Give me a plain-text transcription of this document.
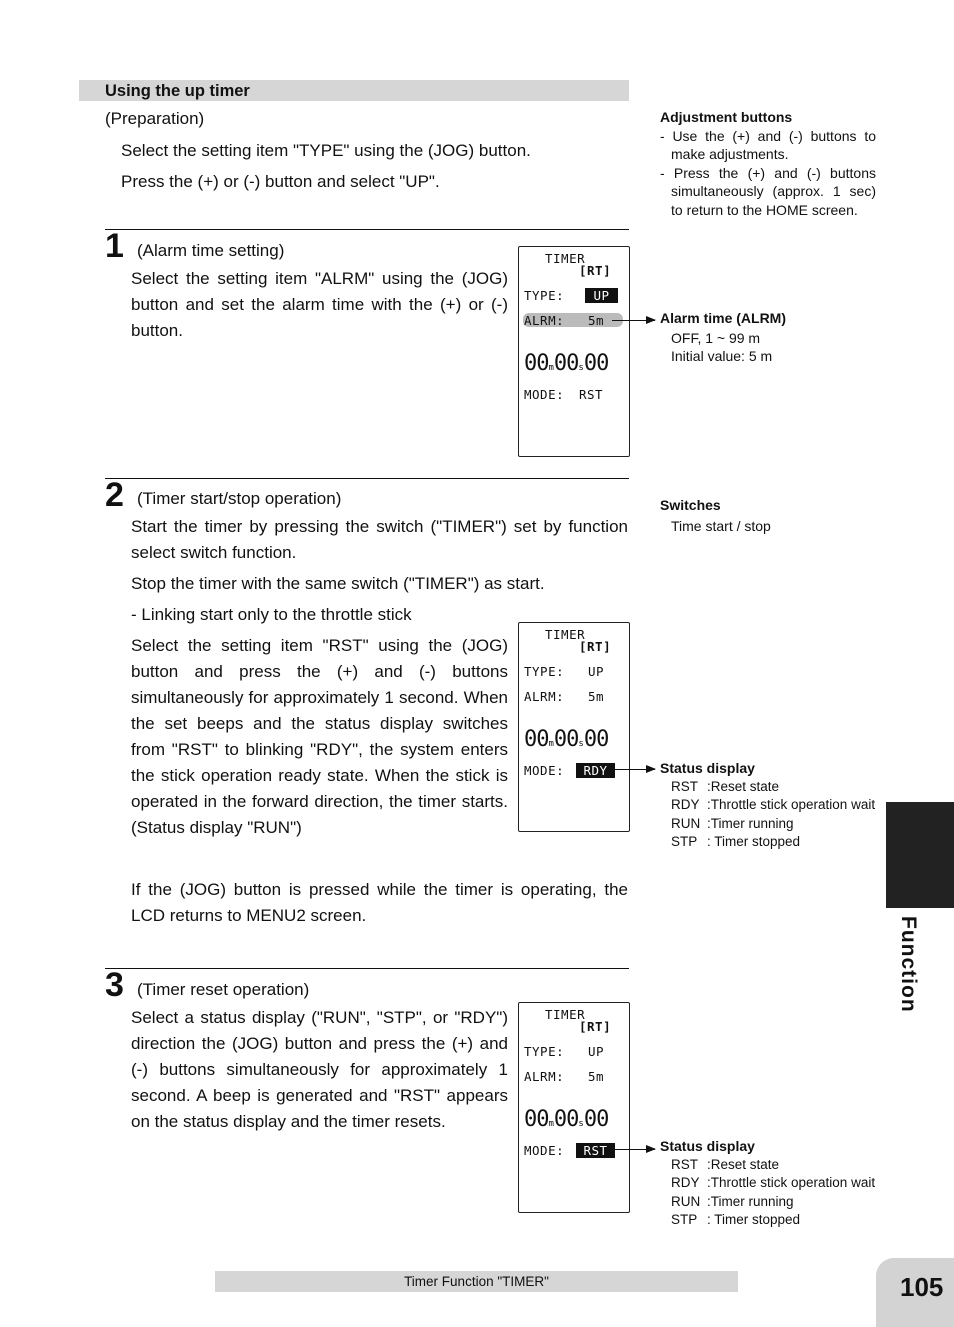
Using the up timer
(Preparation)
Select the setting item "TYPE" using the (JOG) button.
Press the (+) or (-) button and select "UP".
1 (Alarm time setting)
Select the setting item "ALRM" using the (JOG) button and set the alarm time with the (+) or (-) button.
TIMER
[RT]
TYPE:	UP
ALRM: 5m
00m00s00
MODE: RST
2 (Timer start/stop operation)
Start the timer by pressing the switch ("TIMER") set by function select switch function.
Stop the timer with the same switch ("TIMER") as start.
- Linking start only to the throttle stick
Select the setting item "RST" using the (JOG) button and press the (+) and (-) buttons simultaneously for approximately 1 second. When the set beeps and the status display switches from "RST" to blinking "RDY", the system enters the stick operation ready state. When the stick is operated in the forward direction, the timer starts. (Status display "RUN")
If the (JOG) button is pressed while the timer is operating, the LCD returns to MENU2 screen.
TIMER
[RT]
TYPE: UP
ALRM: 5m
00m00s00
MODE:	RDY
3 (Timer reset operation)
Select a status display ("RUN", "STP", or "RDY") direction the (JOG) button and press the (+) and (-) buttons simultaneously for approximately 1 second. A beep is generated and "RST" appears on the status display and the timer resets.
TIMER
[RT]
TYPE: UP
ALRM: 5m
00m00s00
MODE:	RST
Adjustment buttons
- Use the (+) and (-) buttons to make adjustments.
- Press the (+) and (-) buttons simultaneously (approx. 1 sec) to return to the HOME screen.
Alarm time (ALRM)
OFF, 1 ~ 99 m
Initial value: 5 m
Switches
Time start / stop
Status display
RST :Reset state
RDY :Throttle stick operation wait
RUN :Timer running
STP : Timer stopped
Status display
RST :Reset state
RDY :Throttle stick operation wait
RUN :Timer running
STP : Timer stopped
Function
Timer Function "TIMER"	105
